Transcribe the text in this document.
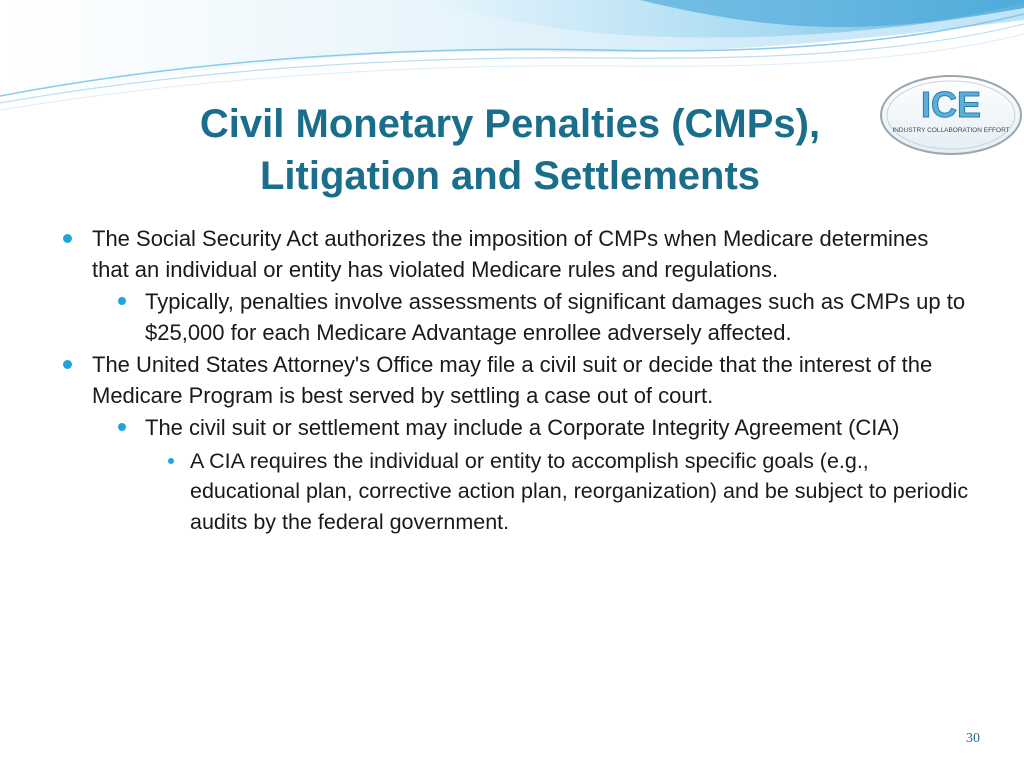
ICE
INDUSTRY COLLABORATION EFFORT
Civil Monetary Penalties (CMPs),
Litigation and Settlements
The Social Security Act authorizes the imposition of CMPs when Medicare determines that an individual or entity has violated Medicare rules and regulations.
Typically, penalties involve assessments of significant damages such as CMPs up to $25,000 for each Medicare Advantage enrollee adversely affected.
The United States Attorney's Office may file a civil suit or decide that the interest of the Medicare Program is best served by settling a case out of court.
The civil suit or settlement may include a Corporate Integrity Agreement (CIA)
A CIA requires the individual or entity to accomplish specific goals (e.g., educational plan, corrective action plan, reorganization) and be subject to periodic audits by the federal government.
30
